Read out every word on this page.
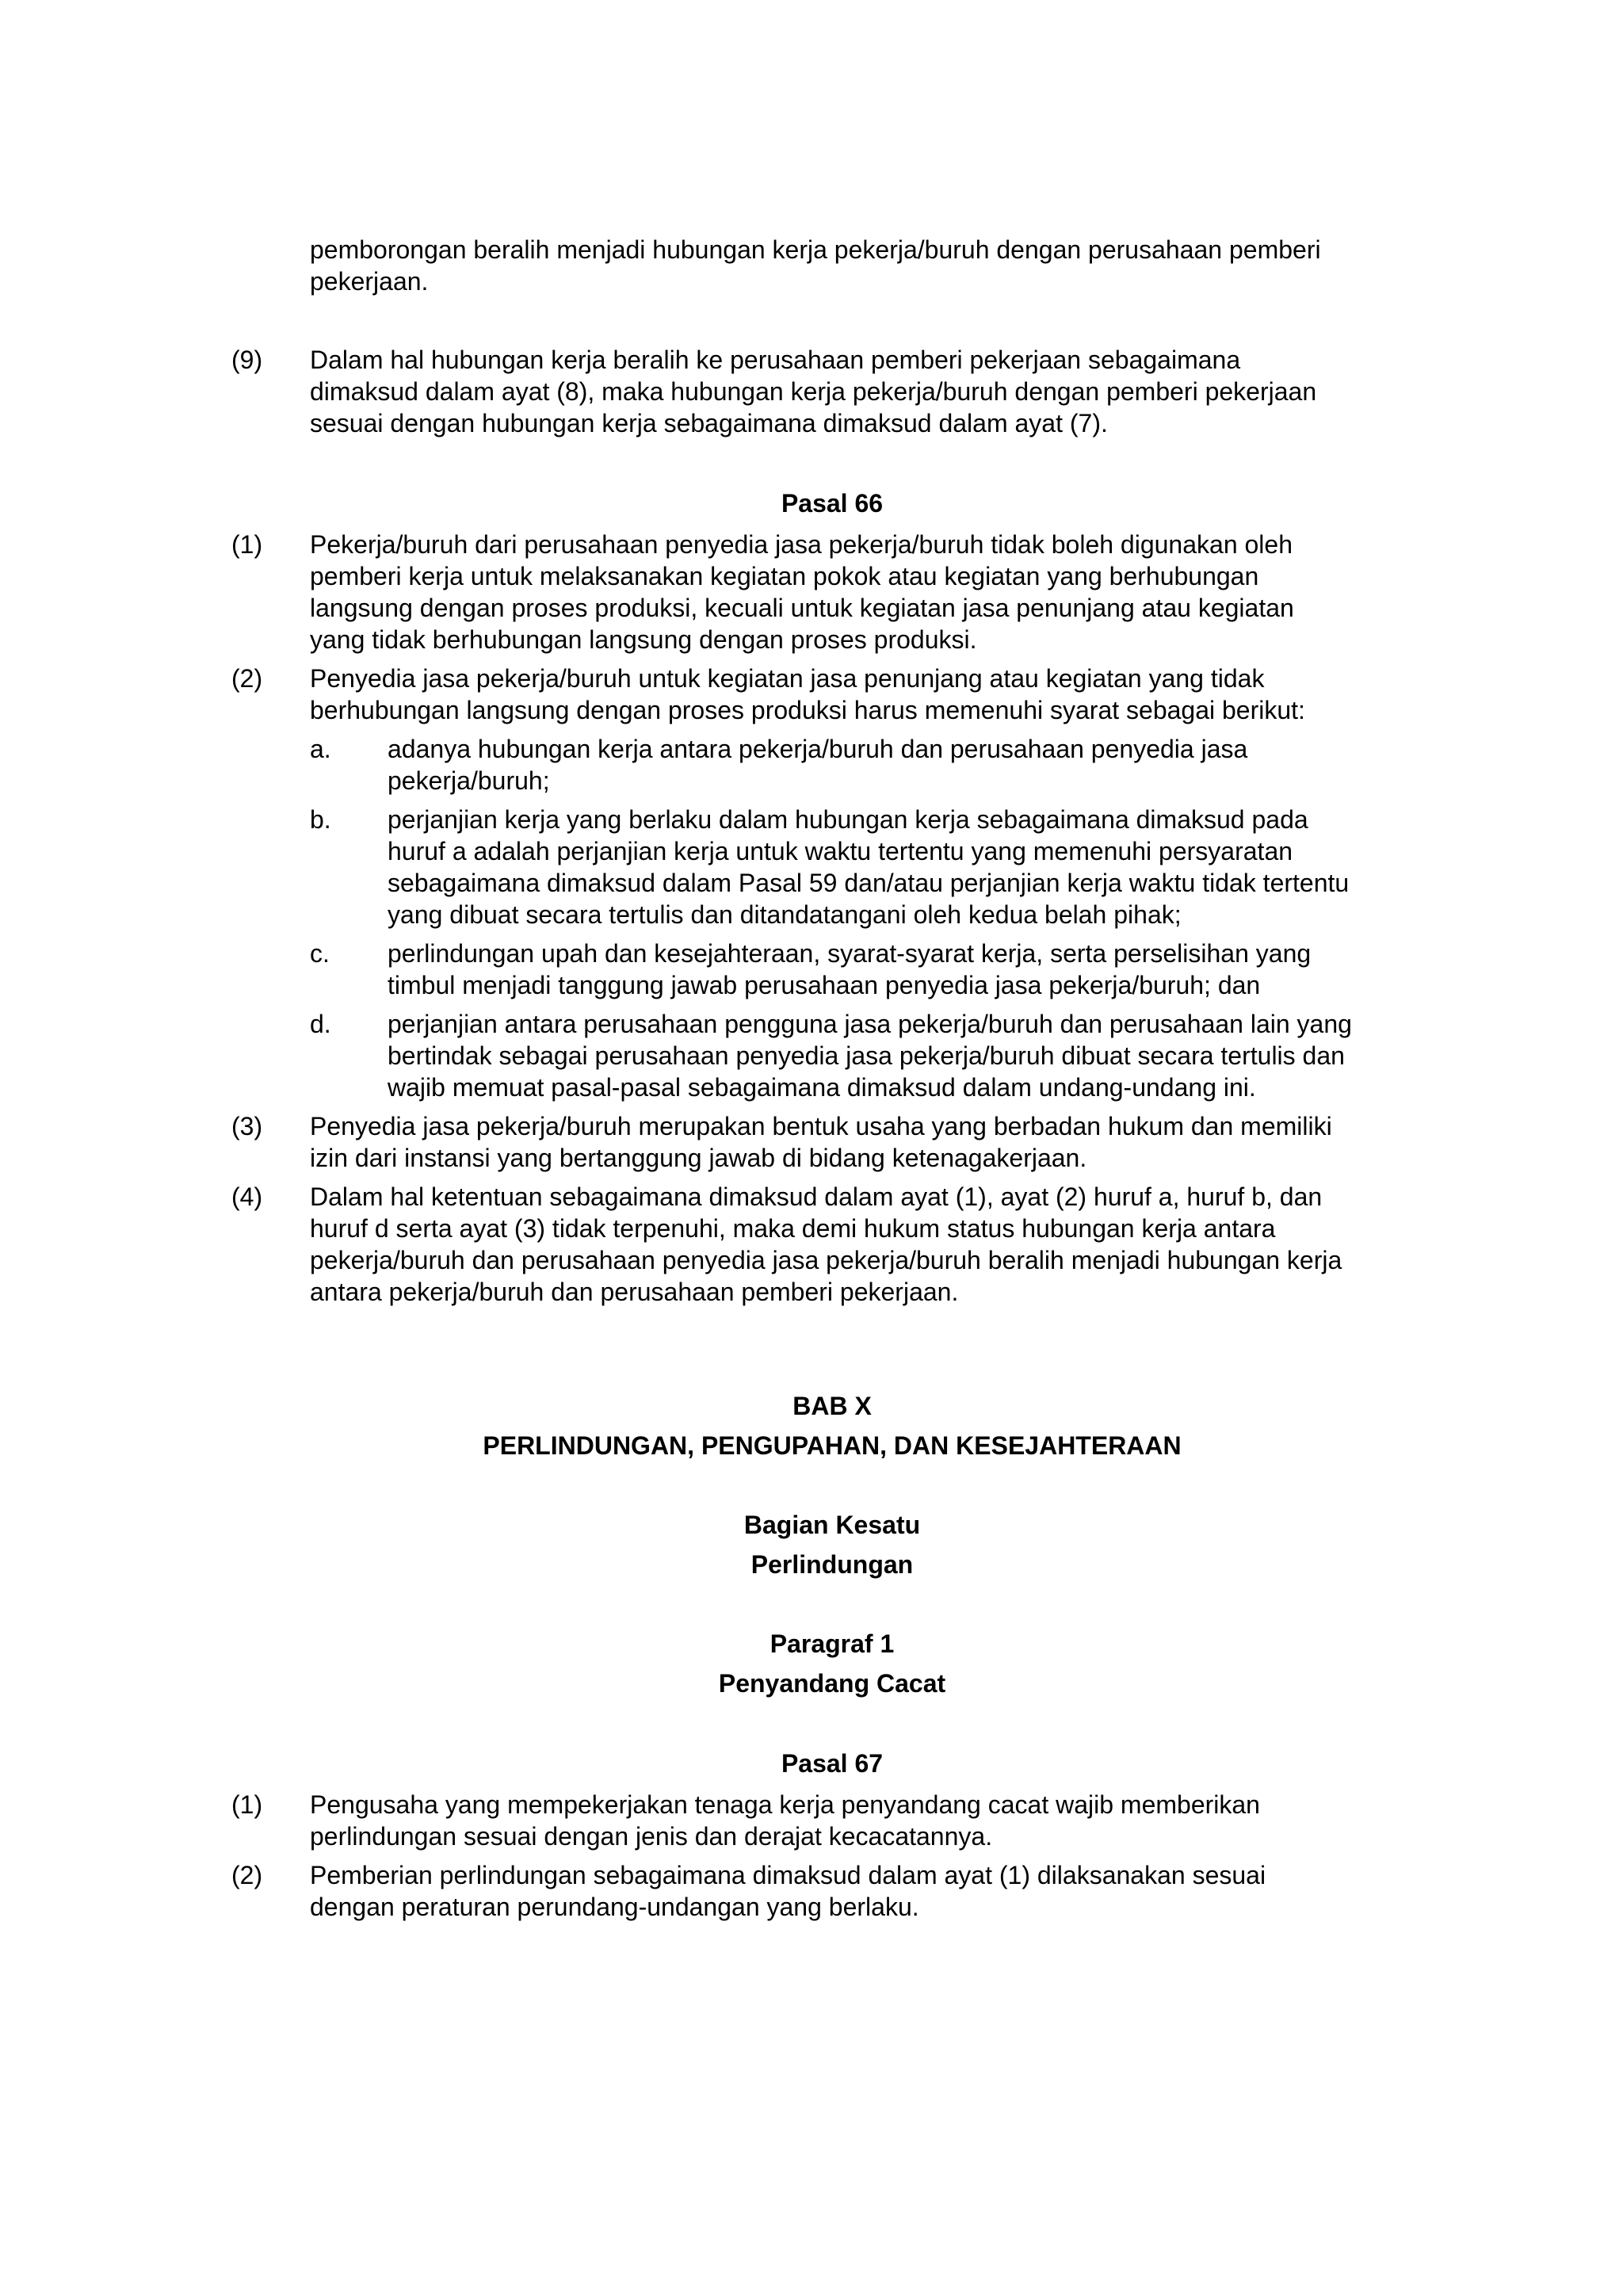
pemborongan beralih menjadi hubungan kerja pekerja/buruh dengan perusahaan pemberi
pekerjaan.
(9) Dalam hal hubungan kerja beralih ke perusahaan pemberi pekerjaan sebagaimana
dimaksud dalam ayat (8), maka hubungan kerja pekerja/buruh dengan pemberi pekerjaan
sesuai dengan hubungan kerja sebagaimana dimaksud dalam ayat (7).
Pasal 66
(1) Pekerja/buruh dari perusahaan penyedia jasa pekerja/buruh tidak boleh digunakan oleh
pemberi kerja untuk melaksanakan kegiatan pokok atau kegiatan yang berhubungan
langsung dengan proses produksi, kecuali untuk kegiatan jasa penunjang atau kegiatan
yang tidak berhubungan langsung dengan proses produksi.
(2) Penyedia jasa pekerja/buruh untuk kegiatan jasa penunjang atau kegiatan yang tidak
berhubungan langsung dengan proses produksi harus memenuhi syarat sebagai berikut:
a. adanya hubungan kerja antara pekerja/buruh dan perusahaan penyedia jasa
pekerja/buruh;
b. perjanjian kerja yang berlaku dalam hubungan kerja sebagaimana dimaksud pada
huruf a adalah perjanjian kerja untuk waktu tertentu yang memenuhi persyaratan
sebagaimana dimaksud dalam Pasal 59 dan/atau perjanjian kerja waktu tidak tertentu
yang dibuat secara tertulis dan ditandatangani oleh kedua belah pihak;
c. perlindungan upah dan kesejahteraan, syarat-syarat kerja, serta perselisihan yang
timbul menjadi tanggung jawab perusahaan penyedia jasa pekerja/buruh; dan
d. perjanjian antara perusahaan pengguna jasa pekerja/buruh dan perusahaan lain yang
bertindak sebagai perusahaan penyedia jasa pekerja/buruh dibuat secara tertulis dan
wajib memuat pasal-pasal sebagaimana dimaksud dalam undang-undang ini.
(3) Penyedia jasa pekerja/buruh merupakan bentuk usaha yang berbadan hukum dan memiliki
izin dari instansi yang bertanggung jawab di bidang ketenagakerjaan.
(4) Dalam hal ketentuan sebagaimana dimaksud dalam ayat (1), ayat (2) huruf a, huruf b, dan
huruf d serta ayat (3) tidak terpenuhi, maka demi hukum status hubungan kerja antara
pekerja/buruh dan perusahaan penyedia jasa pekerja/buruh beralih menjadi hubungan kerja
antara pekerja/buruh dan perusahaan pemberi pekerjaan.
BAB X
PERLINDUNGAN, PENGUPAHAN, DAN KESEJAHTERAAN
Bagian Kesatu
Perlindungan
Paragraf 1
Penyandang Cacat
Pasal 67
(1) Pengusaha yang mempekerjakan tenaga kerja penyandang cacat wajib memberikan
perlindungan sesuai dengan jenis dan derajat kecacatannya.
(2) Pemberian perlindungan sebagaimana dimaksud dalam ayat (1) dilaksanakan sesuai
dengan peraturan perundang-undangan yang berlaku.
